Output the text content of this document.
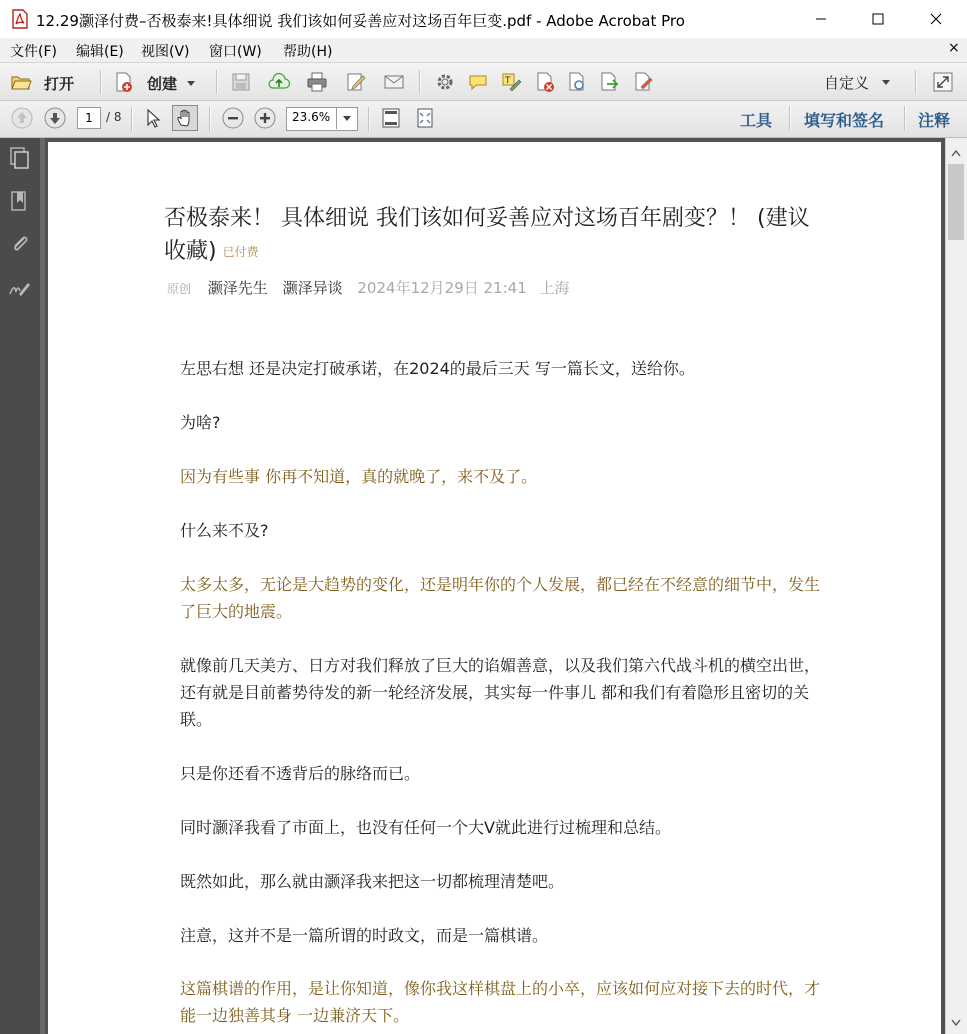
12.29灏泽付费–否极泰来!具体细说 我们该如何妥善应对这场百年巨变.pdf - Adobe Acrobat Pro
文件(F) 编辑(E) 视图(V) 窗口(W) 帮助(H)	×
打开	创建	T	自定义
1
/ 8	23.6%	工具 填写和签名 注释
否极泰来！ 具体细说 我们该如何妥善应对这场百年剧变？！ (建议收藏) 已付费
原创 灏泽先生 灏泽异谈 2024年12月29日 21:41 上海
左思右想 还是决定打破承诺，在2024的最后三天 写一篇长文，送给你。
为啥?
因为有些事 你再不知道，真的就晚了，来不及了。
什么来不及?
太多太多，无论是大趋势的变化，还是明年你的个人发展，都已经在不经意的细节中，发生了巨大的地震。
就像前几天美方、日方对我们释放了巨大的谄媚善意，以及我们第六代战斗机的横空出世，还有就是目前蓄势待发的新一轮经济发展，其实每一件事儿 都和我们有着隐形且密切的关联。
只是你还看不透背后的脉络而已。
同时灏泽我看了市面上，也没有任何一个大V就此进行过梳理和总结。
既然如此，那么就由灏泽我来把这一切都梳理清楚吧。
注意，这并不是一篇所谓的时政文，而是一篇棋谱。
这篇棋谱的作用，是让你知道，像你我这样棋盘上的小卒，应该如何应对接下去的时代，才能一边独善其身 一边兼济天下。
